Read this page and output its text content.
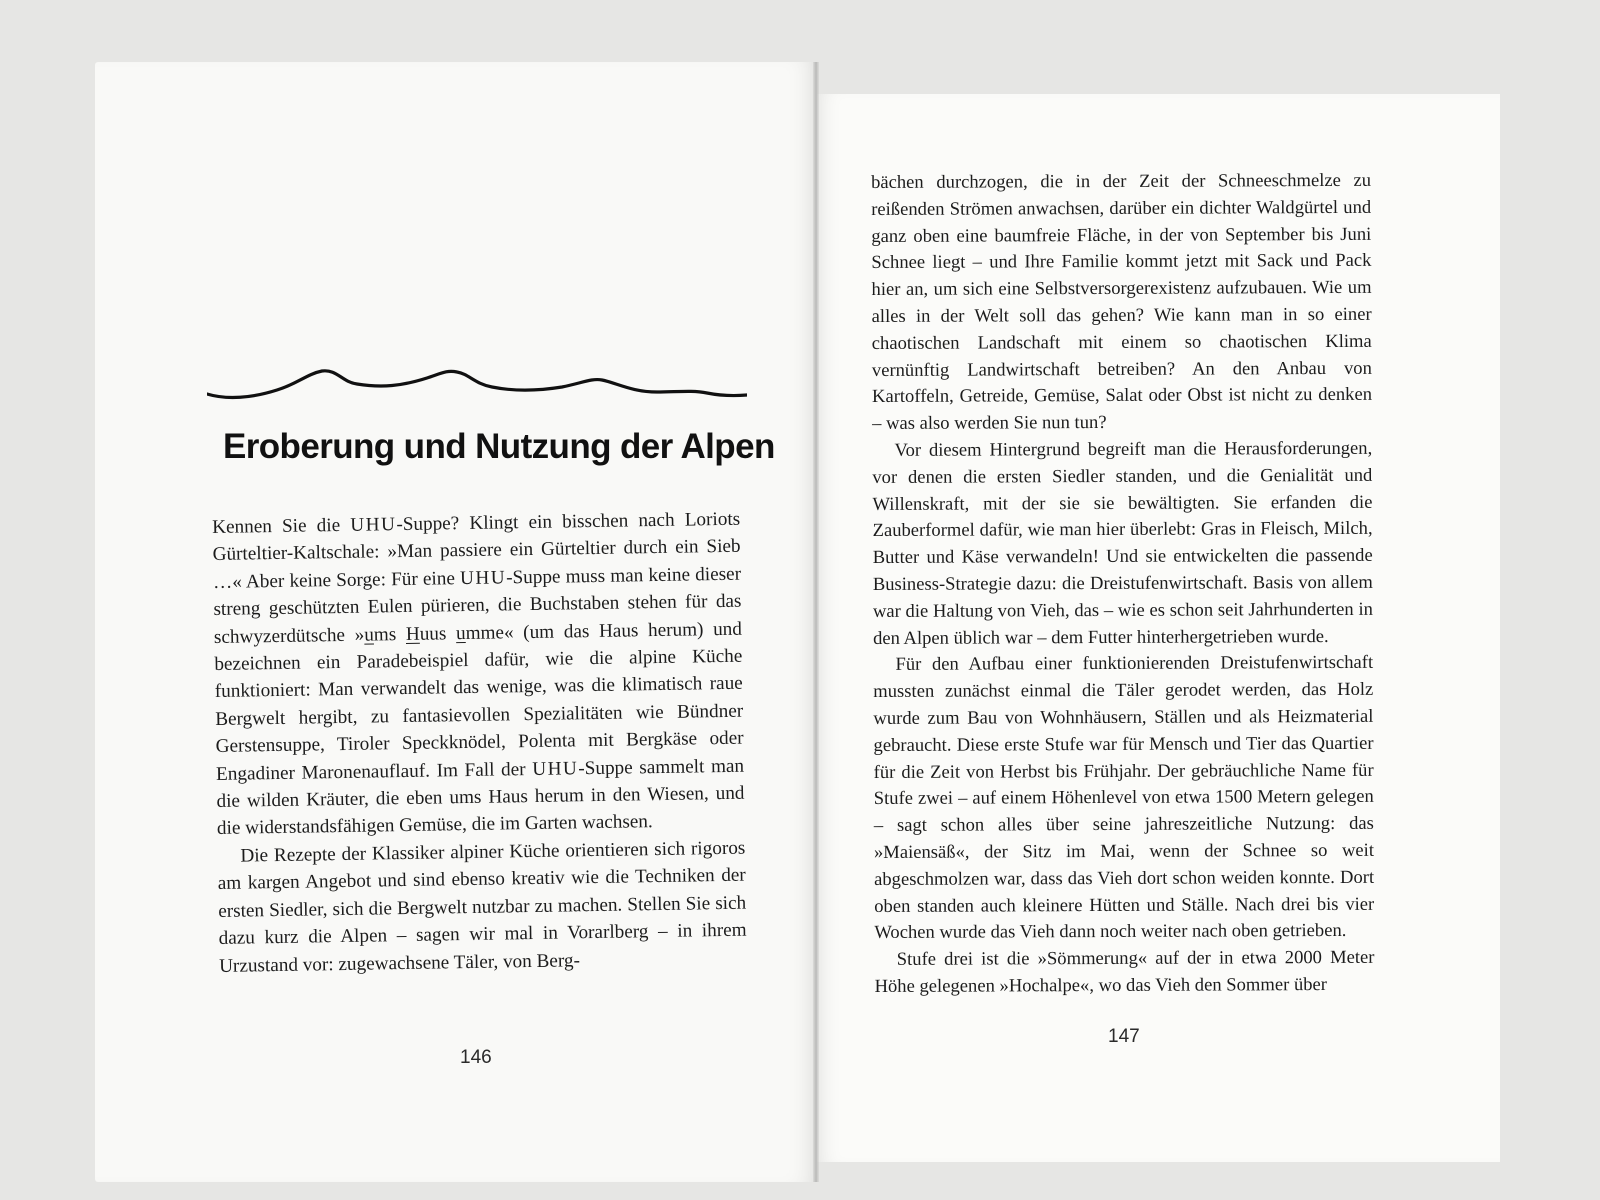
Eroberung und Nutzung der Alpen

Kennen Sie die UHU-Suppe? Klingt ein bisschen nach Loriots Gürteltier-Kaltschale: »Man passiere ein Gürteltier durch ein Sieb …« Aber keine Sorge: Für eine UHU-Suppe muss man keine dieser streng geschützten Eulen pürieren, die Buchstaben stehen für das schwyzerdütsche »ums Huus umme« (um das Haus herum) und bezeichnen ein Paradebeispiel dafür, wie die alpine Küche funktioniert: Man verwandelt das wenige, was die klimatisch raue Bergwelt hergibt, zu fantasievollen Spezialitäten wie Bündner Gerstensuppe, Tiroler Speckknödel, Polenta mit Bergkäse oder Engadiner Maronenauflauf. Im Fall der UHU-Suppe sammelt man die wilden Kräuter, die eben ums Haus herum in den Wiesen, und die widerstandsfähigen Gemüse, die im Garten wachsen.

Die Rezepte der Klassiker alpiner Küche orientieren sich rigoros am kargen Angebot und sind ebenso kreativ wie die Techniken der ersten Siedler, sich die Bergwelt nutzbar zu machen. Stellen Sie sich dazu kurz die Alpen – sagen wir mal in Vorarlberg – in ihrem Urzustand vor: zugewachsene Täler, von Berg-

146

bächen durchzogen, die in der Zeit der Schneeschmelze zu reißenden Strömen anwachsen, darüber ein dichter Waldgürtel und ganz oben eine baumfreie Fläche, in der von September bis Juni Schnee liegt – und Ihre Familie kommt jetzt mit Sack und Pack hier an, um sich eine Selbstversorgerexistenz aufzubauen. Wie um alles in der Welt soll das gehen? Wie kann man in so einer chaotischen Landschaft mit einem so chaotischen Klima vernünftig Landwirtschaft betreiben? An den Anbau von Kartoffeln, Getreide, Gemüse, Salat oder Obst ist nicht zu denken – was also werden Sie nun tun?

Vor diesem Hintergrund begreift man die Herausforderungen, vor denen die ersten Siedler standen, und die Genialität und Willenskraft, mit der sie sie bewältigten. Sie erfanden die Zauberformel dafür, wie man hier überlebt: Gras in Fleisch, Milch, Butter und Käse verwandeln! Und sie entwickelten die passende Business-Strategie dazu: die Dreistufenwirtschaft. Basis von allem war die Haltung von Vieh, das – wie es schon seit Jahrhunderten in den Alpen üblich war – dem Futter hinterhergetrieben wurde.

Für den Aufbau einer funktionierenden Dreistufenwirtschaft mussten zunächst einmal die Täler gerodet werden, das Holz wurde zum Bau von Wohnhäusern, Ställen und als Heizmaterial gebraucht. Diese erste Stufe war für Mensch und Tier das Quartier für die Zeit von Herbst bis Frühjahr. Der gebräuchliche Name für Stufe zwei – auf einem Höhenlevel von etwa 1500 Metern gelegen – sagt schon alles über seine jahreszeitliche Nutzung: das »Maiensäß«, der Sitz im Mai, wenn der Schnee so weit abgeschmolzen war, dass das Vieh dort schon weiden konnte. Dort oben standen auch kleinere Hütten und Ställe. Nach drei bis vier Wochen wurde das Vieh dann noch weiter nach oben getrieben.

Stufe drei ist die »Sömmerung« auf der in etwa 2000 Meter Höhe gelegenen »Hochalpe«, wo das Vieh den Sommer über

147
